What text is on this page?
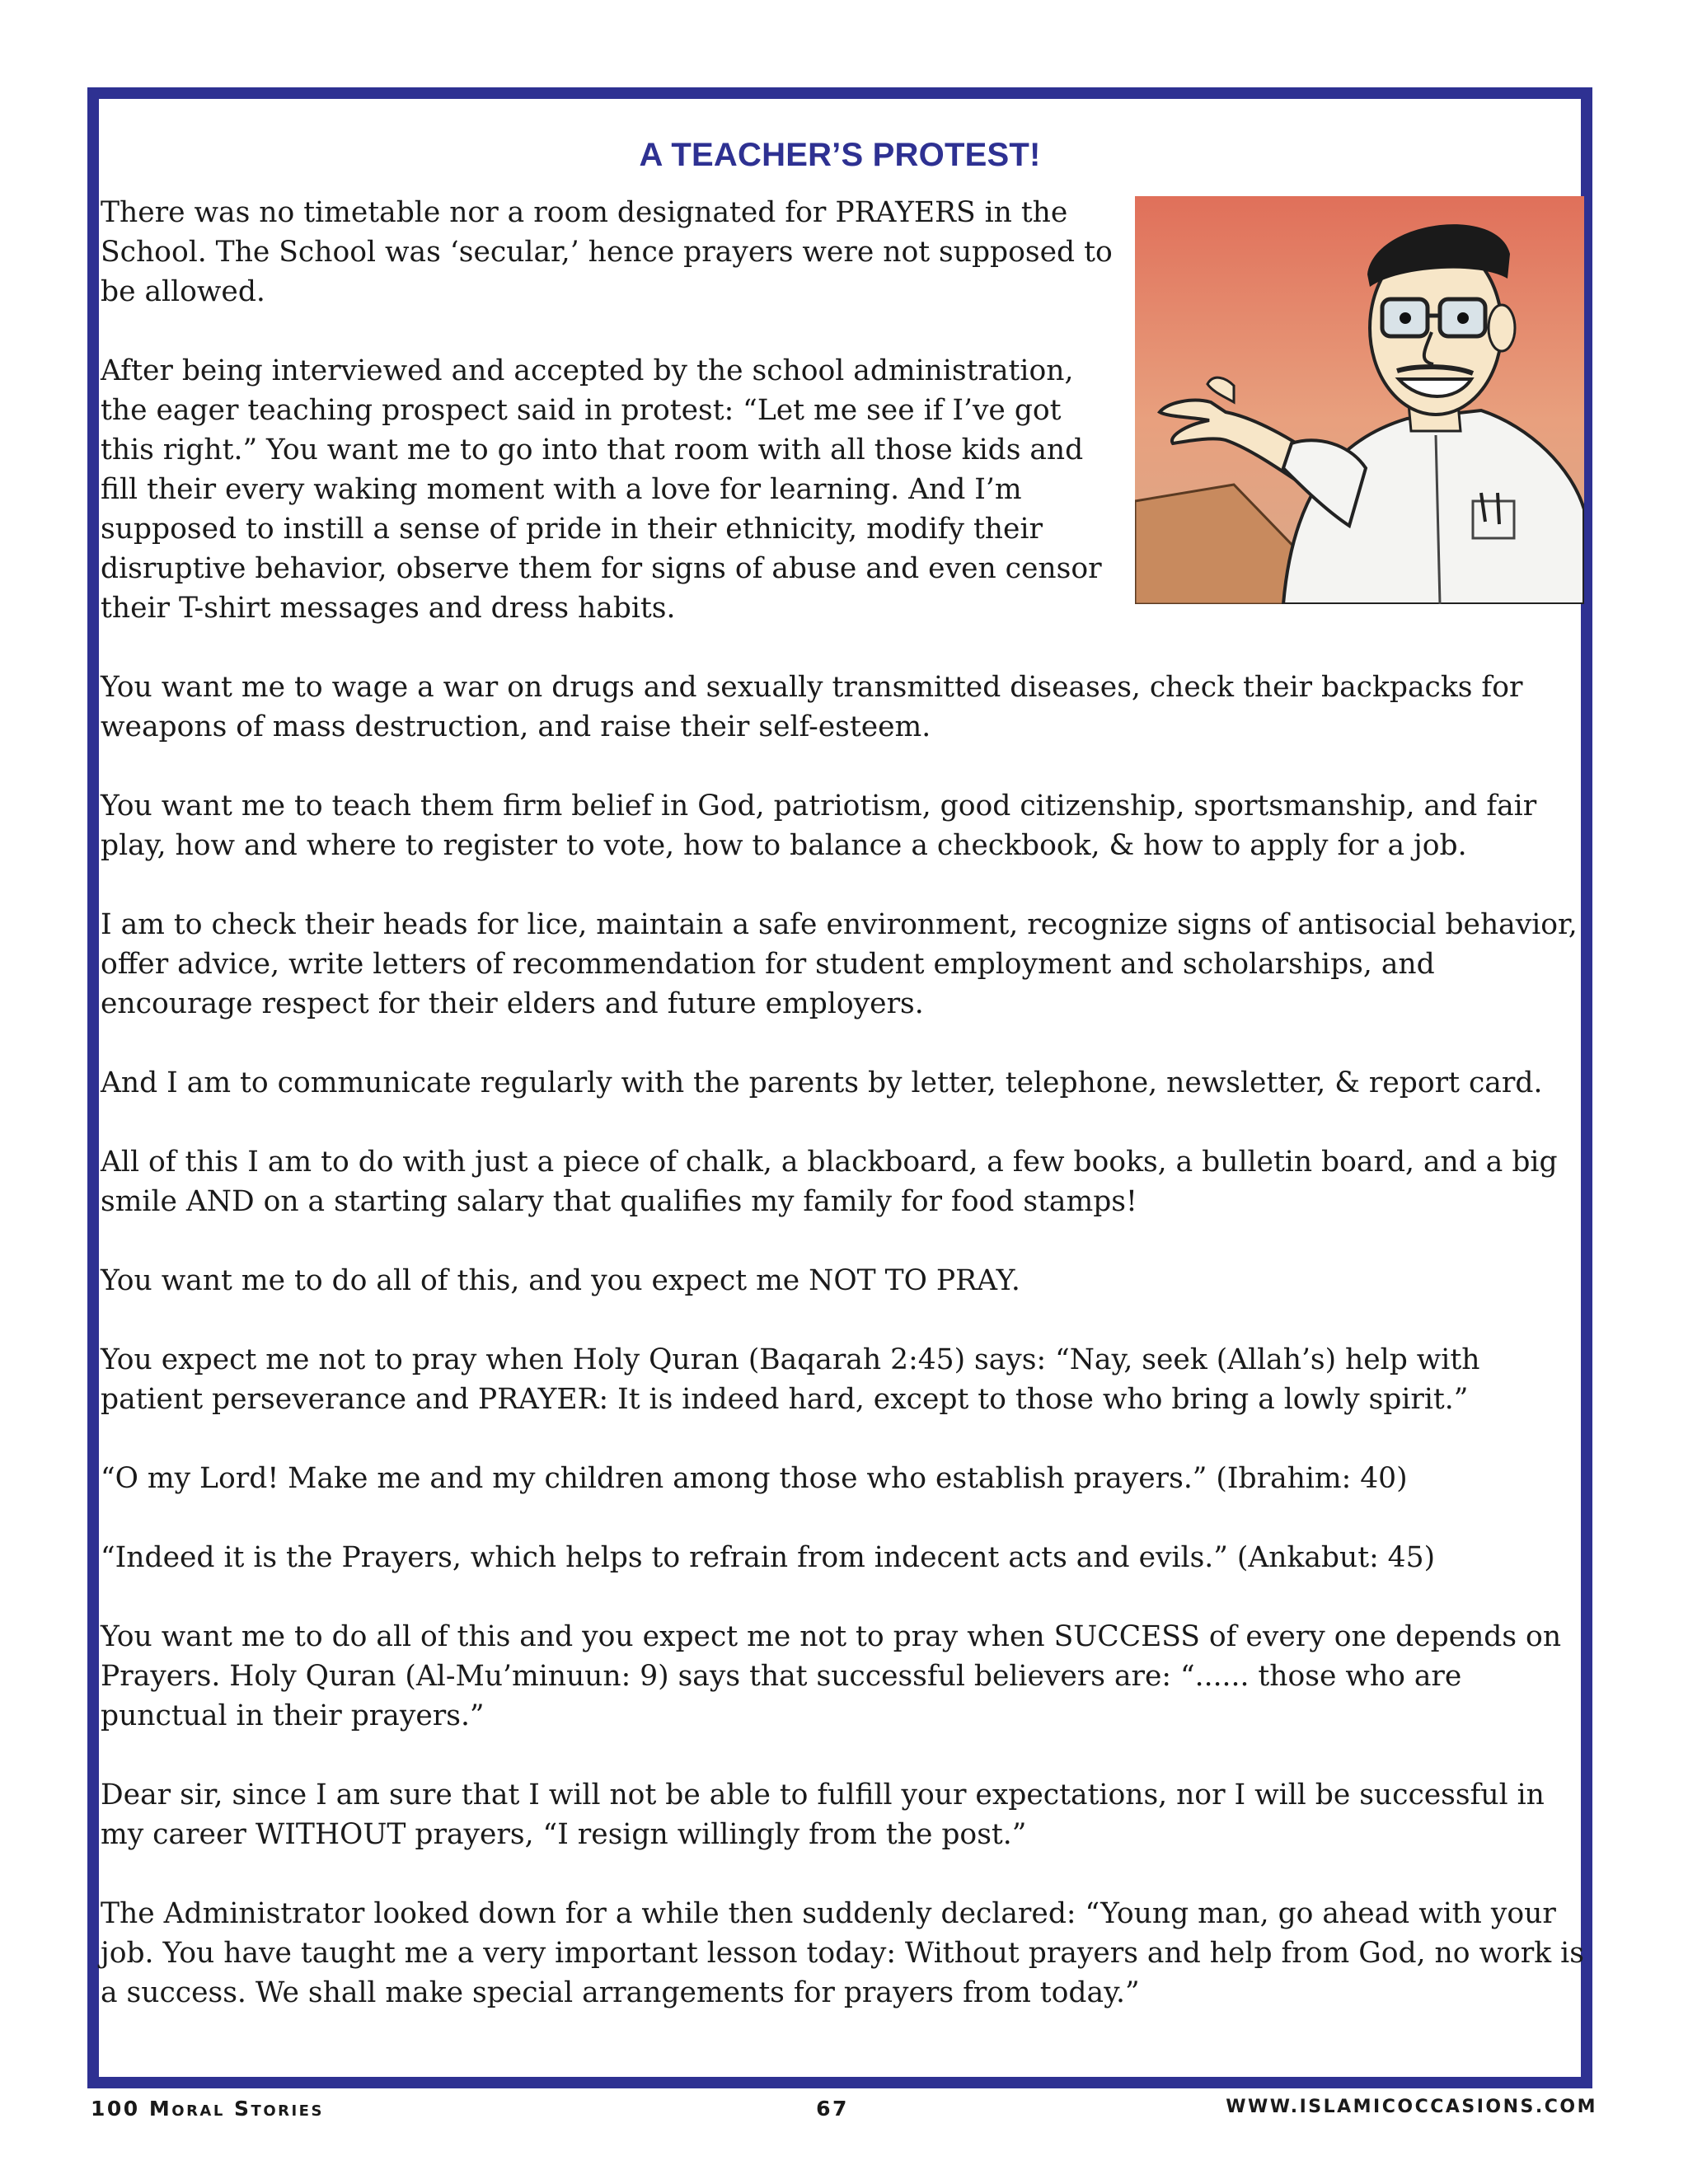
A TEACHER’S PROTEST!

There was no timetable nor a room designated for PRAYERS in the School. The School was ‘secular,’ hence prayers were not supposed to be allowed.

After being interviewed and accepted by the school administration, the eager teaching prospect said in protest: “Let me see if I’ve got this right.” You want me to go into that room with all those kids and fill their every waking moment with a love for learning. And I’m supposed to instill a sense of pride in their ethnicity, modify their disruptive behavior, observe them for signs of abuse and even censor their T-shirt messages and dress habits.

You want me to wage a war on drugs and sexually transmitted diseases, check their backpacks for weapons of mass destruction, and raise their self-esteem.

You want me to teach them firm belief in God, patriotism, good citizenship, sportsmanship, and fair play, how and where to register to vote, how to balance a checkbook, & how to apply for a job.

I am to check their heads for lice, maintain a safe environment, recognize signs of antisocial behavior, offer advice, write letters of recommendation for student employment and scholarships, and encourage respect for their elders and future employers.

And I am to communicate regularly with the parents by letter, telephone, newsletter, & report card.

All of this I am to do with just a piece of chalk, a blackboard, a few books, a bulletin board, and a big smile AND on a starting salary that qualifies my family for food stamps!

You want me to do all of this, and you expect me NOT TO PRAY.

You expect me not to pray when Holy Quran (Baqarah 2:45) says: “Nay, seek (Allah’s) help with patient perseverance and PRAYER: It is indeed hard, except to those who bring a lowly spirit.”

“O my Lord! Make me and my children among those who establish prayers.” (Ibrahim: 40)

“Indeed it is the Prayers, which helps to refrain from indecent acts and evils.” (Ankabut: 45)

You want me to do all of this and you expect me not to pray when SUCCESS of every one depends on Prayers. Holy Quran (Al-Mu’minuun: 9) says that successful believers are: “...... those who are punctual in their prayers.”

Dear sir, since I am sure that I will not be able to fulfill your expectations, nor I will be successful in my career WITHOUT prayers, “I resign willingly from the post.”

The Administrator looked down for a while then suddenly declared: “Young man, go ahead with your job. You have taught me a very important lesson today: Without prayers and help from God, no work is a success. We shall make special arrangements for prayers from today.”

100 Moral Stories	67	WWW.ISLAMICOCCASIONS.COM
